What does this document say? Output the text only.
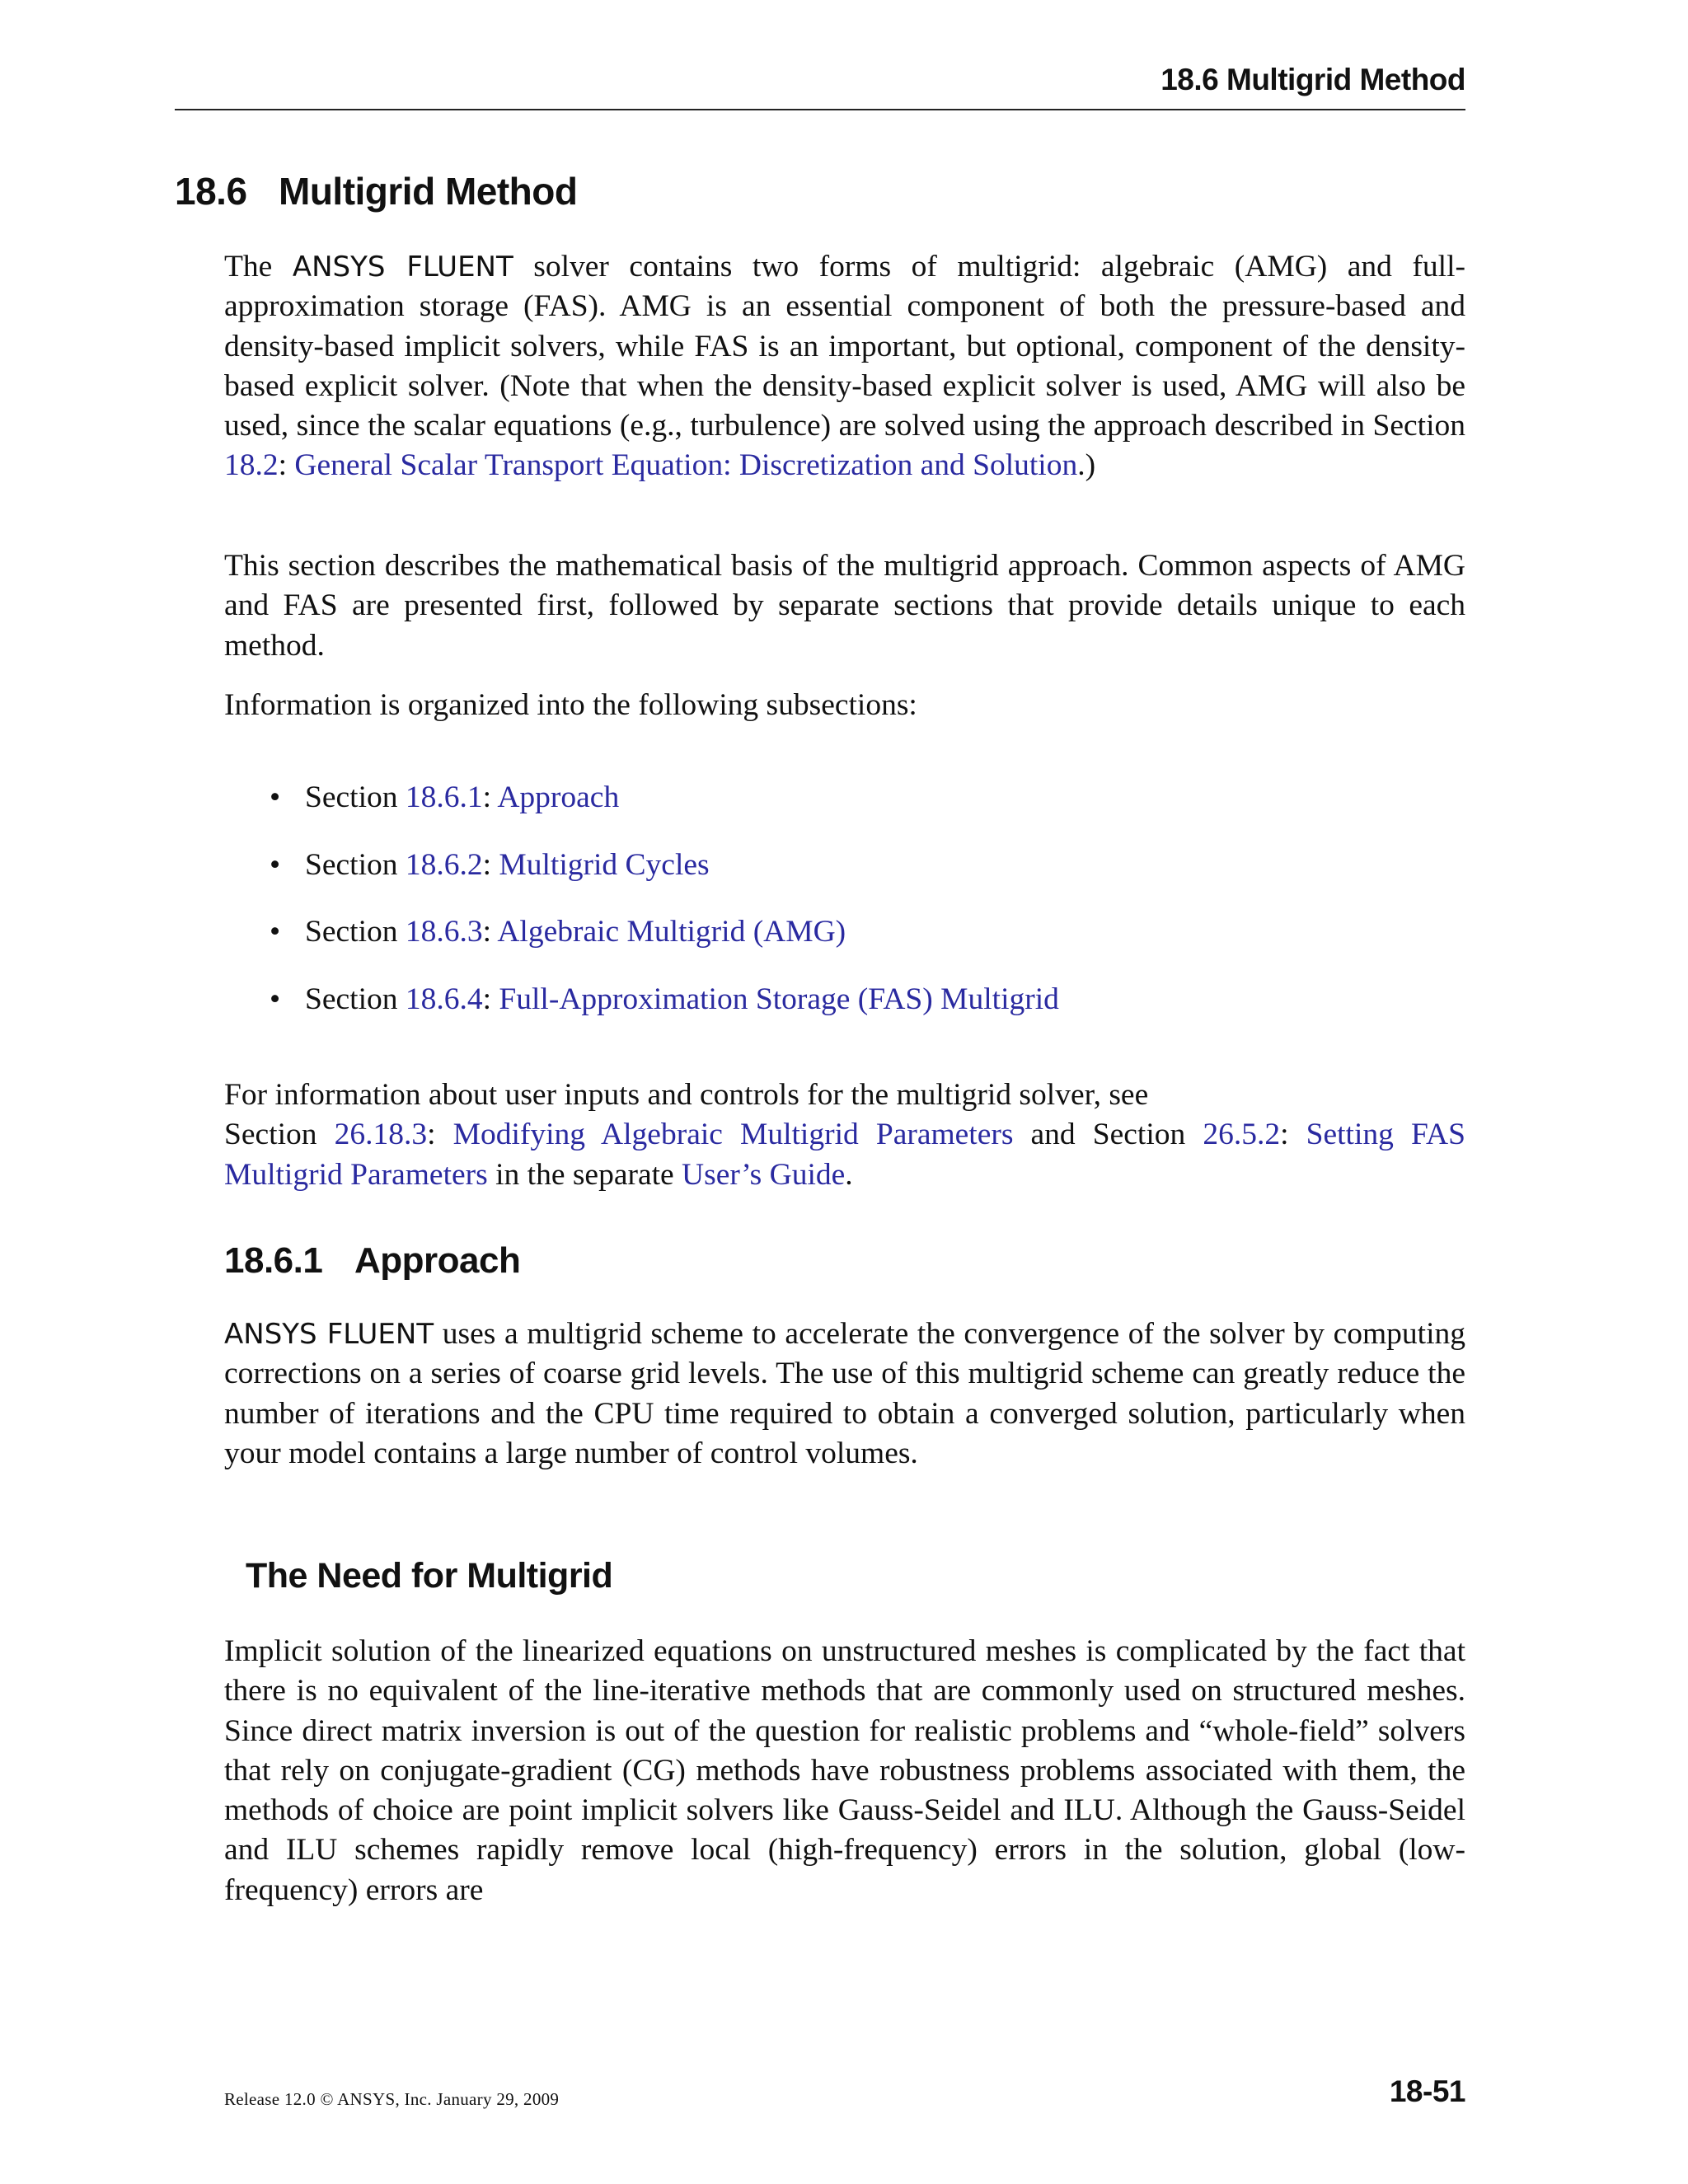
18.6 Multigrid Method
18.6 Multigrid Method

The ANSYS FLUENT solver contains two forms of multigrid: algebraic (AMG) and full-approximation storage (FAS). AMG is an essential component of both the pressure-based and density-based implicit solvers, while FAS is an important, but optional, component of the density-based explicit solver. (Note that when the density-based explicit solver is used, AMG will also be used, since the scalar equations (e.g., turbulence) are solved using the approach described in Section 18.2: General Scalar Transport Equation: Discretization and Solution.)

This section describes the mathematical basis of the multigrid approach. Common aspects of AMG and FAS are presented first, followed by separate sections that provide details unique to each method.

Information is organized into the following subsections:

• Section 18.6.1: Approach
• Section 18.6.2: Multigrid Cycles
• Section 18.6.3: Algebraic Multigrid (AMG)
• Section 18.6.4: Full-Approximation Storage (FAS) Multigrid

For information about user inputs and controls for the multigrid solver, see
Section 26.18.3: Modifying Algebraic Multigrid Parameters and Section 26.5.2: Setting FAS Multigrid Parameters in the separate User’s Guide.

18.6.1 Approach

ANSYS FLUENT uses a multigrid scheme to accelerate the convergence of the solver by computing corrections on a series of coarse grid levels. The use of this multigrid scheme can greatly reduce the number of iterations and the CPU time required to obtain a converged solution, particularly when your model contains a large number of control volumes.

The Need for Multigrid

Implicit solution of the linearized equations on unstructured meshes is complicated by the fact that there is no equivalent of the line-iterative methods that are commonly used on structured meshes. Since direct matrix inversion is out of the question for realistic problems and “whole-field” solvers that rely on conjugate-gradient (CG) methods have robustness problems associated with them, the methods of choice are point implicit solvers like Gauss-Seidel and ILU. Although the Gauss-Seidel and ILU schemes rapidly remove local (high-frequency) errors in the solution, global (low-frequency) errors are

Release 12.0 © ANSYS, Inc. January 29, 2009	18-51
